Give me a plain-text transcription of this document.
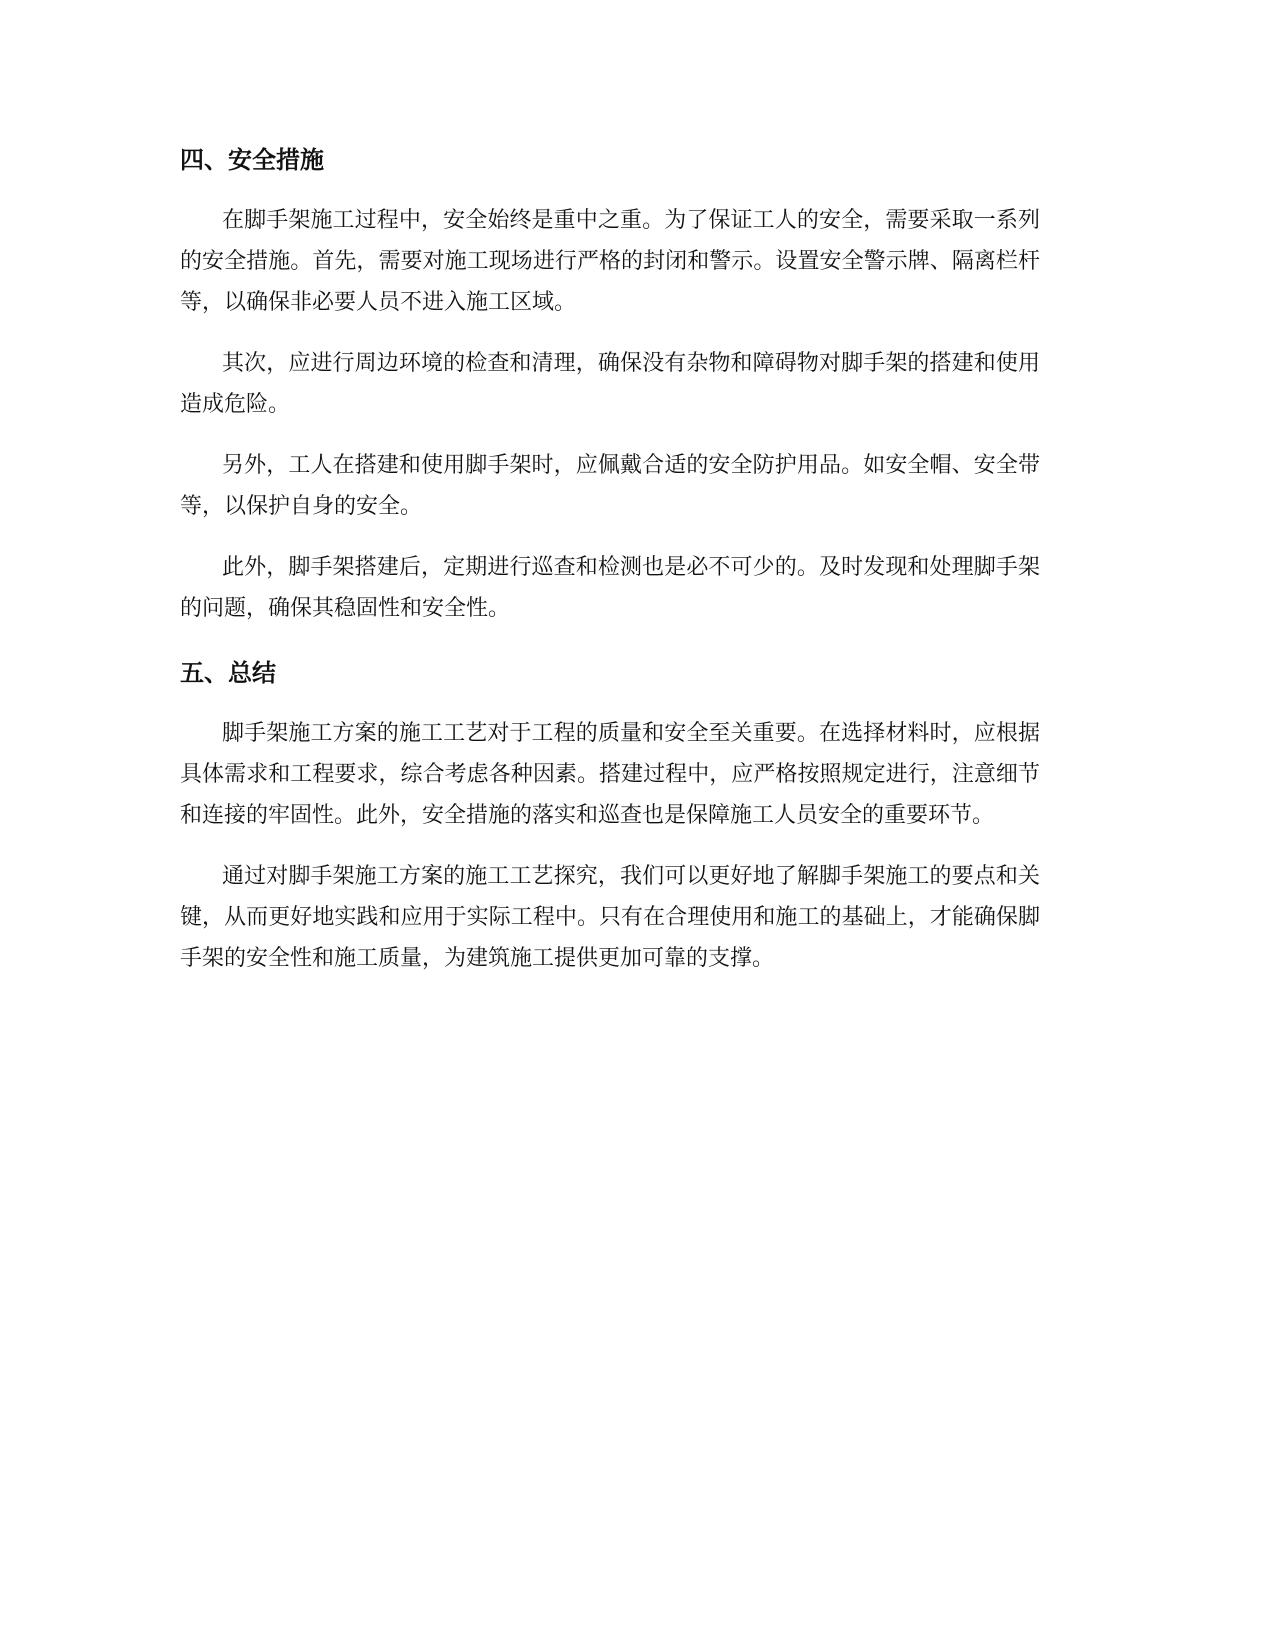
四、安全措施

在脚手架施工过程中，安全始终是重中之重。为了保证工人的安全，需要采取一系列的安全措施。首先，需要对施工现场进行严格的封闭和警示。设置安全警示牌、隔离栏杆等，以确保非必要人员不进入施工区域。

其次，应进行周边环境的检查和清理，确保没有杂物和障碍物对脚手架的搭建和使用造成危险。

另外，工人在搭建和使用脚手架时，应佩戴合适的安全防护用品。如安全帽、安全带等，以保护自身的安全。

此外，脚手架搭建后，定期进行巡查和检测也是必不可少的。及时发现和处理脚手架的问题，确保其稳固性和安全性。

五、总结

脚手架施工方案的施工工艺对于工程的质量和安全至关重要。在选择材料时，应根据具体需求和工程要求，综合考虑各种因素。搭建过程中，应严格按照规定进行，注意细节和连接的牢固性。此外，安全措施的落实和巡查也是保障施工人员安全的重要环节。

通过对脚手架施工方案的施工工艺探究，我们可以更好地了解脚手架施工的要点和关键，从而更好地实践和应用于实际工程中。只有在合理使用和施工的基础上，才能确保脚手架的安全性和施工质量，为建筑施工提供更加可靠的支撑。
